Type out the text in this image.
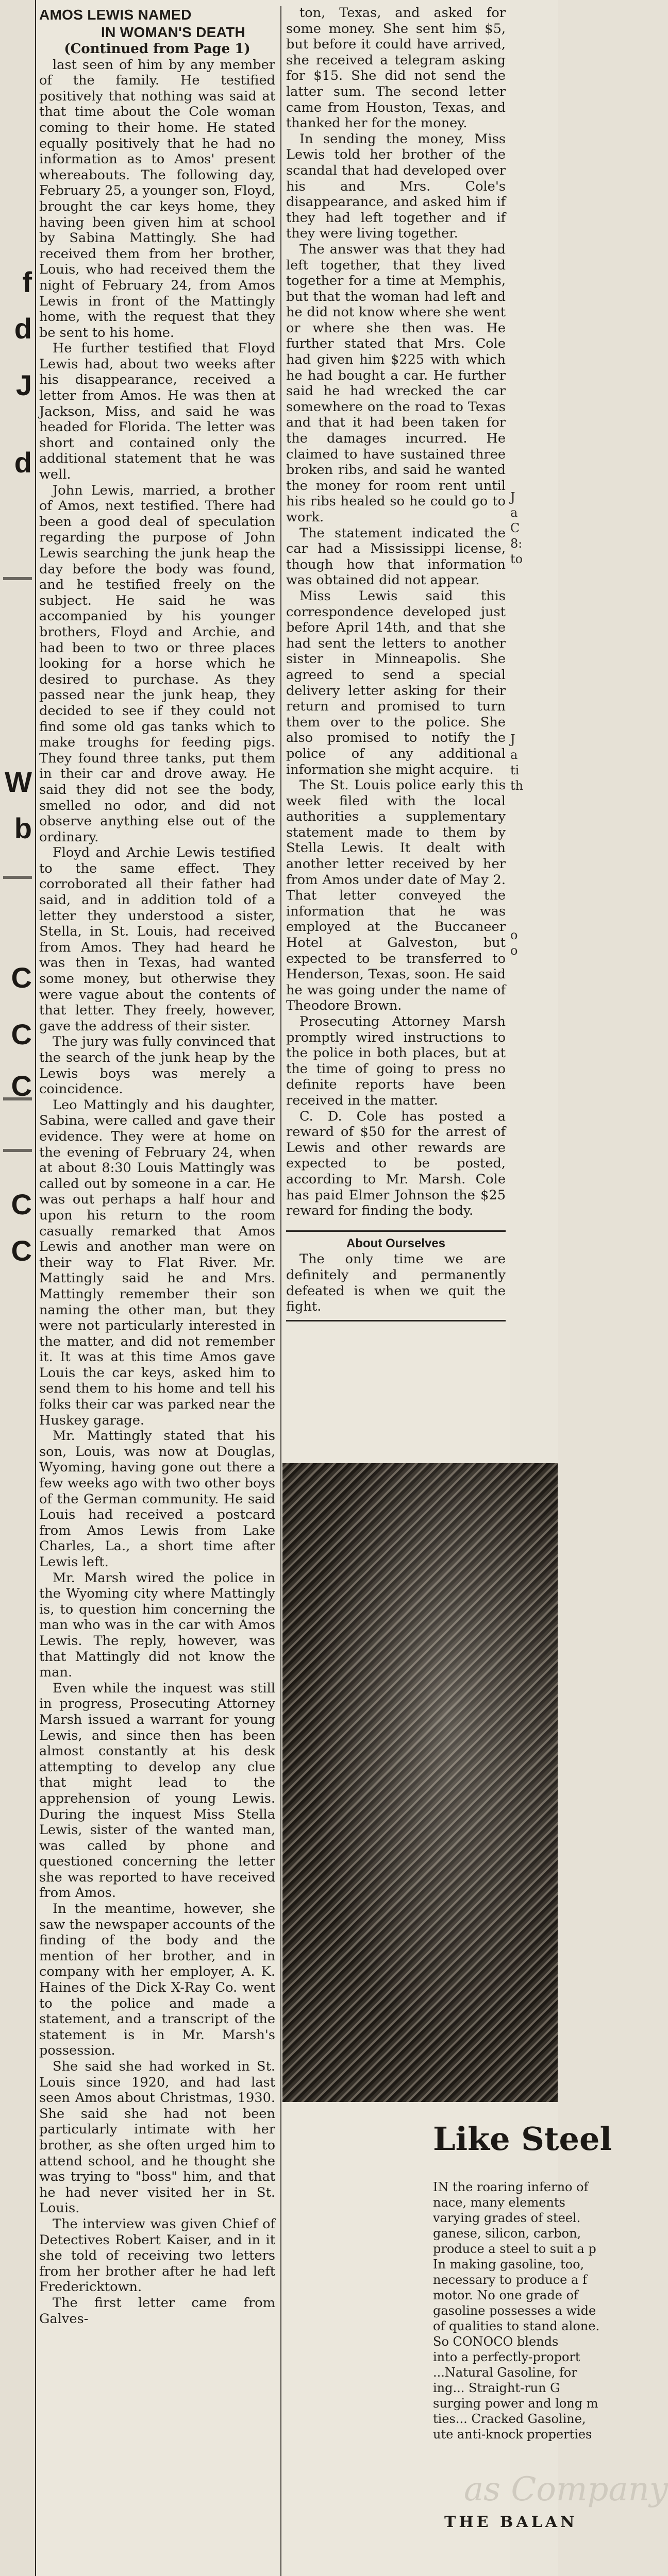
f
d
J
d
W
b
C
C
C
C
C
AMOS LEWIS NAMED
IN WOMAN'S DEATH

(Continued from Page 1)

last seen of him by any member of the family. He testified positively that nothing was said at that time about the Cole woman coming to their home. He stated equally positively that he had no information as to Amos' present whereabouts. The following day, February 25, a younger son, Floyd, brought the car keys home, they having been given him at school by Sabina Mattingly. She had received them from her brother, Louis, who had received them the night of February 24, from Amos Lewis in front of the Mattingly home, with the request that they be sent to his home.

He further testified that Floyd Lewis had, about two weeks after his disappearance, received a letter from Amos. He was then at Jackson, Miss, and said he was headed for Florida. The letter was short and contained only the additional statement that he was well.

John Lewis, married, a brother of Amos, next testified. There had been a good deal of speculation regarding the purpose of John Lewis searching the junk heap the day before the body was found, and he testified freely on the subject. He said he was accompanied by his younger brothers, Floyd and Archie, and had been to two or three places looking for a horse which he desired to purchase. As they passed near the junk heap, they decided to see if they could not find some old gas tanks which to make troughs for feeding pigs. They found three tanks, put them in their car and drove away. He said they did not see the body, smelled no odor, and did not observe anything else out of the ordinary.

Floyd and Archie Lewis testified to the same effect. They corroborated all their father had said, and in addition told of a letter they understood a sister, Stella, in St. Louis, had received from Amos. They had heard he was then in Texas, had wanted some money, but otherwise they were vague about the contents of that letter. They freely, however, gave the address of their sister.

The jury was fully convinced that the search of the junk heap by the Lewis boys was merely a coincidence.

Leo Mattingly and his daughter, Sabina, were called and gave their evidence. They were at home on the evening of February 24, when at about 8:30 Louis Mattingly was called out by someone in a car. He was out perhaps a half hour and upon his return to the room casually remarked that Amos Lewis and another man were on their way to Flat River. Mr. Mattingly said he and Mrs. Mattingly remember their son naming the other man, but they were not particularly interested in the matter, and did not remember it. It was at this time Amos gave Louis the car keys, asked him to send them to his home and tell his folks their car was parked near the Huskey garage.

Mr. Mattingly stated that his son, Louis, was now at Douglas, Wyoming, having gone out there a few weeks ago with two other boys of the German community. He said Louis had received a postcard from Amos Lewis from Lake Charles, La., a short time after Lewis left.

Mr. Marsh wired the police in the Wyoming city where Mattingly is, to question him concerning the man who was in the car with Amos Lewis. The reply, however, was that Mattingly did not know the man.

Even while the inquest was still in progress, Prosecuting Attorney Marsh issued a warrant for young Lewis, and since then has been almost constantly at his desk attempting to develop any clue that might lead to the apprehension of young Lewis. During the inquest Miss Stella Lewis, sister of the wanted man, was called by phone and questioned concerning the letter she was reported to have received from Amos.

In the meantime, however, she saw the newspaper accounts of the finding of the body and the mention of her brother, and in company with her employer, A. K. Haines of the Dick X-Ray Co. went to the police and made a statement, and a transcript of the statement is in Mr. Marsh's possession.

She said she had worked in St. Louis since 1920, and had last seen Amos about Christmas, 1930. She said she had not been particularly intimate with her brother, as she often urged him to attend school, and he thought she was trying to "boss" him, and that he had never visited her in St. Louis.

The interview was given Chief of Detectives Robert Kaiser, and in it she told of receiving two letters from her brother after he had left Fredericktown.

The first letter came from Galves-

ton, Texas, and asked for some money. She sent him $5, but before it could have arrived, she received a telegram asking for $15. She did not send the latter sum. The second letter came from Houston, Texas, and thanked her for the money.

In sending the money, Miss Lewis told her brother of the scandal that had developed over his and Mrs. Cole's disappearance, and asked him if they had left together and if they were living together.

The answer was that they had left together, that they lived together for a time at Memphis, but that the woman had left and he did not know where she went or where she then was. He further stated that Mrs. Cole had given him $225 with which he had bought a car. He further said he had wrecked the car somewhere on the road to Texas and that it had been taken for the damages incurred. He claimed to have sustained three broken ribs, and said he wanted the money for room rent until his ribs healed so he could go to work.

The statement indicated the car had a Mississippi license, though how that information was obtained did not appear.

Miss Lewis said this correspondence developed just before April 14th, and that she had sent the letters to another sister in Minneapolis. She agreed to send a special delivery letter asking for their return and promised to turn them over to the police. She also promised to notify the police of any additional information she might acquire.

The St. Louis police early this week filed with the local authorities a supplementary statement made to them by Stella Lewis. It dealt with another letter received by her from Amos under date of May 2. That letter conveyed the information that he was employed at the Buccaneer Hotel at Galveston, but expected to be transferred to Henderson, Texas, soon. He said he was going under the name of Theodore Brown.

Prosecuting Attorney Marsh promptly wired instructions to the police in both places, but at the time of going to press no definite reports have been received in the matter.

C. D. Cole has posted a reward of $50 for the arrest of Lewis and other rewards are expected to be posted, according to Mr. Marsh. Cole has paid Elmer Johnson the $25 reward for finding the body.

About Ourselves

The only time we are definitely and permanently defeated is when we quit the fight.

J
a
C
8:
to
J
a
ti
th
o
o
Like Steel
IN the roaring inferno of
nace, many elements
varying grades of steel.
ganese, silicon, carbon,
produce a steel to suit a p
In making gasoline, too,
necessary to produce a f
motor. No one grade of
gasoline possesses a wide
of qualities to stand alone.
So CONOCO blends
into a perfectly-proport
...Natural Gasoline, for
ing... Straight-run G
surging power and long m
ties... Cracked Gasoline,
ute anti-knock properties
as Company
THE BALAN
